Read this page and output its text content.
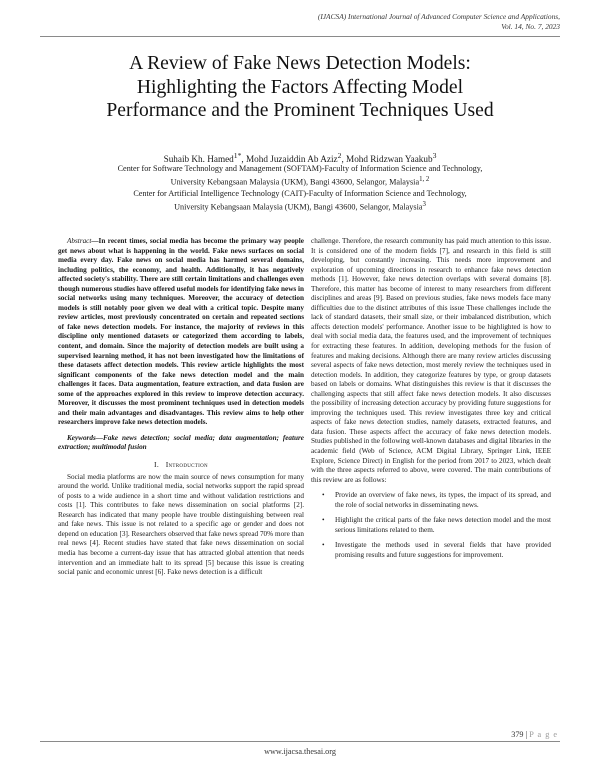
(IJACSA) International Journal of Advanced Computer Science and Applications,
Vol. 14, No. 7, 2023
A Review of Fake News Detection Models:
Highlighting the Factors Affecting Model
Performance and the Prominent Techniques Used
Suhaib Kh. Hamed$^{1*}$, Mohd Juzaiddin Ab Aziz$^2$, Mohd Ridzwan Yaakub$^3$

Center for Software Technology and Management (SOFTAM)-Faculty of Information Science and Technology,

University Kebangsaan Malaysia (UKM), Bangi 43600, Selangor, Malaysia$^{1, 2}$

Center for Artificial Intelligence Technology (CAIT)-Faculty of Information Science and Technology,

University Kebangsaan Malaysia (UKM), Bangi 43600, Selangor, Malaysia$^3$

Abstract—In recent times, social media has become the primary way people get news about what is happening in the world. Fake news surfaces on social media every day. Fake news on social media has harmed several domains, including politics, the economy, and health. Additionally, it has negatively affected society's stability. There are still certain limitations and challenges even though numerous studies have offered useful models for identifying fake news in social networks using many techniques. Moreover, the accuracy of detection models is still notably poor given we deal with a critical topic. Despite many review articles, most previously concentrated on certain and repeated sections of fake news detection models. For instance, the majority of reviews in this discipline only mentioned datasets or categorized them according to labels, content, and domain. Since the majority of detection models are built using a supervised learning method, it has not been investigated how the limitations of these datasets affect detection models. This review article highlights the most significant components of the fake news detection model and the main challenges it faces. Data augmentation, feature extraction, and data fusion are some of the approaches explored in this review to improve detection accuracy. Moreover, it discusses the most prominent techniques used in detection models and their main advantages and disadvantages. This review aims to help other researchers improve fake news detection models.

Keywords—Fake news detection; social media; data augmentation; feature extraction; multimodal fusion

I. Introduction

Social media platforms are now the main source of news consumption for many around the world. Unlike traditional media, social networks support the rapid spread of posts to a wide audience in a short time and without validation restrictions and costs [1]. This contributes to fake news dissemination on social platforms [2]. Research has indicated that many people have trouble distinguishing between real and fake news. This issue is not related to a specific age or gender and does not depend on education [3]. Researchers observed that fake news spread 70% more than real news [4]. Recent studies have stated that fake news dissemination on social media has become a current-day issue that has attracted global attention that needs intervention and an immediate halt to its spread [5] because this issue is creating social panic and economic unrest [6]. Fake news detection is a difficult

challenge. Therefore, the research community has paid much attention to this issue. It is considered one of the modern fields [7], and research in this field is still developing, but constantly increasing. This needs more improvement and exploration of upcoming directions in research to enhance fake news detection methods [1]. However, fake news detection overlaps with several domains [8]. Therefore, this matter has become of interest to many researchers from different disciplines and areas [9]. Based on previous studies, fake news models face many difficulties due to the distinct attributes of this issue These challenges include the lack of standard datasets, their small size, or their imbalanced distribution, which affects detection models' performance. Another issue to be highlighted is how to deal with social media data, the features used, and the improvement of techniques for extracting these features. In addition, developing methods for the fusion of features and making decisions. Although there are many review articles discussing several aspects of fake news detection, most merely review the techniques used in detection models. In addition, they categorize features by type, or group datasets based on labels or domains. What distinguishes this review is that it discusses the challenging aspects that still affect fake news detection models. It also discusses the possibility of increasing detection accuracy by providing future suggestions for improving the techniques used. This review investigates three key and critical aspects of fake news detection studies, namely datasets, extracted features, and data fusion. These aspects affect the accuracy of fake news detection models. Studies published in the following well-known databases and digital libraries in the academic field (Web of Science, ACM Digital Library, Springer Link, IEEE Explore, Science Direct) in English for the period from 2017 to 2023, which dealt with the three aspects referred to above, were covered. The main contributions of this review are as follows:

• Provide an overview of fake news, its types, the impact of its spread, and the role of social networks in disseminating news.
• Highlight the critical parts of the fake news detection model and the most serious limitations related to them.
• Investigate the methods used in several fields that have provided promising results and future suggestions for improvement.
379 | P a g e
www.ijacsa.thesai.org
